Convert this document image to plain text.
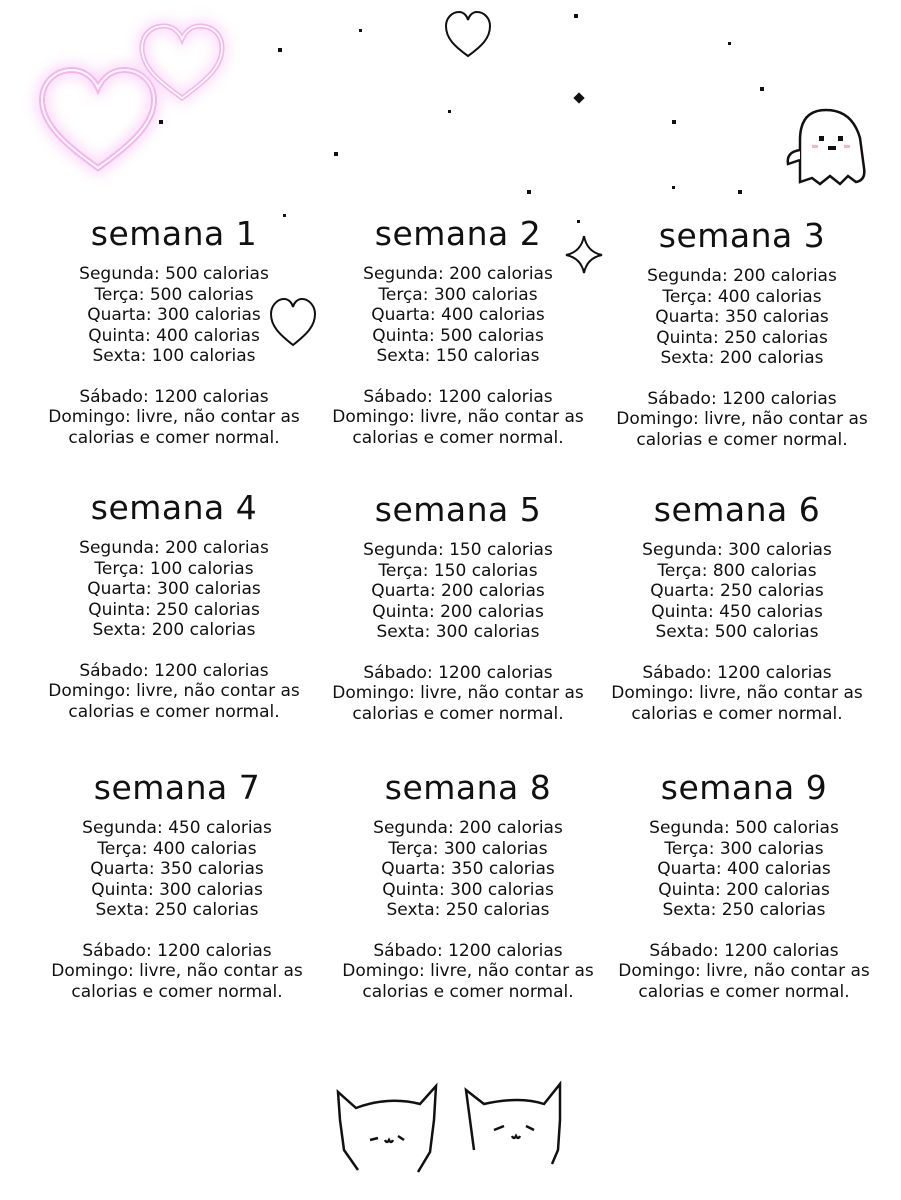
semana 1
Segunda: 500 calorias
Terça: 500 calorias
Quarta: 300 calorias
Quinta: 400 calorias
Sexta: 100 calorias
Sábado: 1200 calorias
Domingo: livre, não contar as
calorias e comer normal.
semana 2
Segunda: 200 calorias
Terça: 300 calorias
Quarta: 400 calorias
Quinta: 500 calorias
Sexta: 150 calorias
Sábado: 1200 calorias
Domingo: livre, não contar as
calorias e comer normal.
semana 3
Segunda: 200 calorias
Terça: 400 calorias
Quarta: 350 calorias
Quinta: 250 calorias
Sexta: 200 calorias
Sábado: 1200 calorias
Domingo: livre, não contar as
calorias e comer normal.
semana 4
Segunda: 200 calorias
Terça: 100 calorias
Quarta: 300 calorias
Quinta: 250 calorias
Sexta: 200 calorias
Sábado: 1200 calorias
Domingo: livre, não contar as
calorias e comer normal.
semana 5
Segunda: 150 calorias
Terça: 150 calorias
Quarta: 200 calorias
Quinta: 200 calorias
Sexta: 300 calorias
Sábado: 1200 calorias
Domingo: livre, não contar as
calorias e comer normal.
semana 6
Segunda: 300 calorias
Terça: 800 calorias
Quarta: 250 calorias
Quinta: 450 calorias
Sexta: 500 calorias
Sábado: 1200 calorias
Domingo: livre, não contar as
calorias e comer normal.
semana 7
Segunda: 450 calorias
Terça: 400 calorias
Quarta: 350 calorias
Quinta: 300 calorias
Sexta: 250 calorias
Sábado: 1200 calorias
Domingo: livre, não contar as
calorias e comer normal.
semana 8
Segunda: 200 calorias
Terça: 300 calorias
Quarta: 350 calorias
Quinta: 300 calorias
Sexta: 250 calorias
Sábado: 1200 calorias
Domingo: livre, não contar as
calorias e comer normal.
semana 9
Segunda: 500 calorias
Terça: 300 calorias
Quarta: 400 calorias
Quinta: 200 calorias
Sexta: 250 calorias
Sábado: 1200 calorias
Domingo: livre, não contar as
calorias e comer normal.
